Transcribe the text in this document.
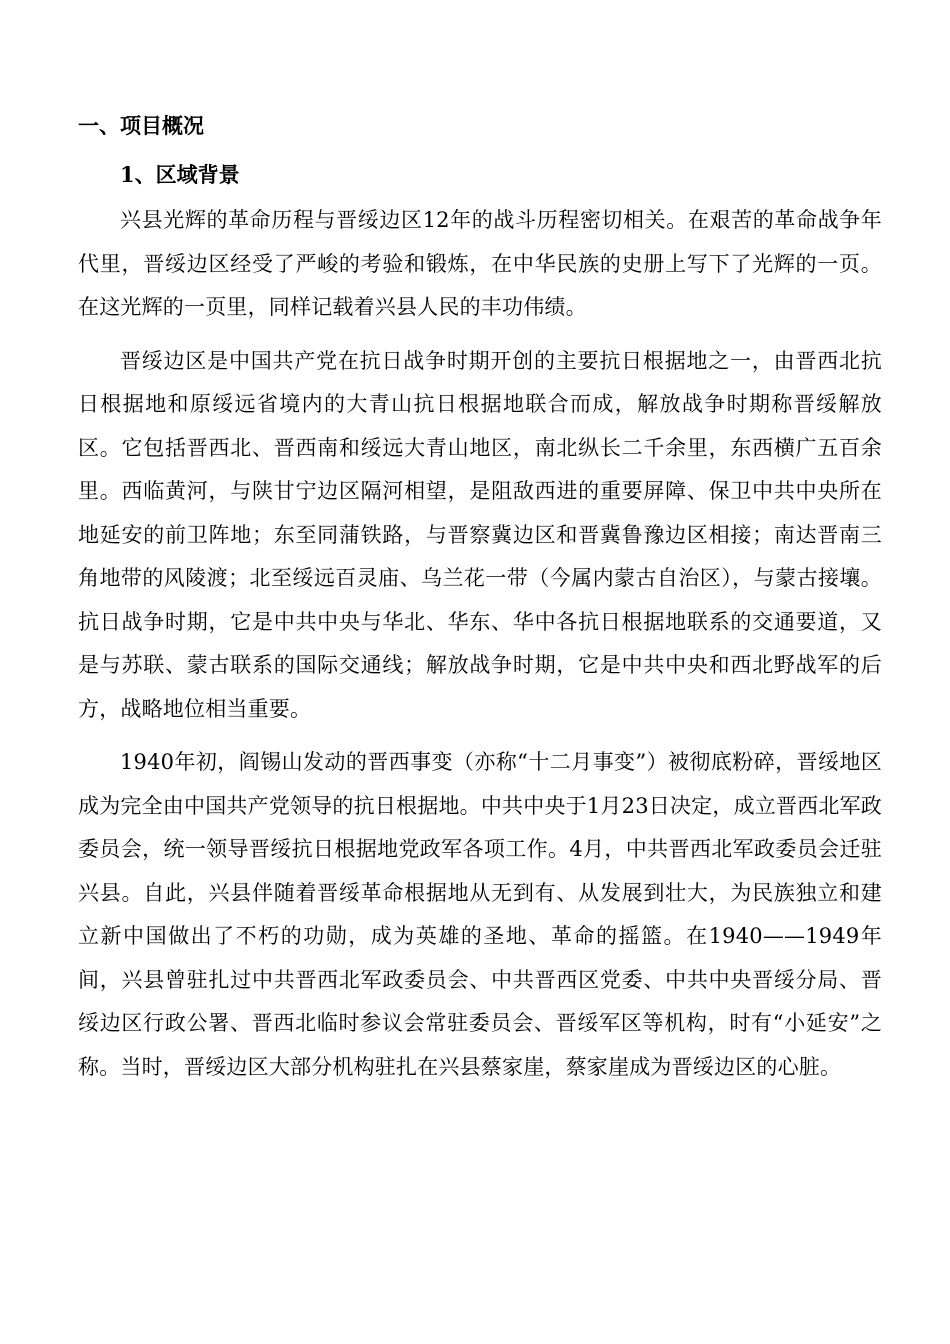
一、项目概况
1、区域背景

兴县光辉的革命历程与晋绥边区12年的战斗历程密切相关。在艰苦的革命战争年代里，晋绥边区经受了严峻的考验和锻炼，在中华民族的史册上写下了光辉的一页。在这光辉的一页里，同样记载着兴县人民的丰功伟绩。

晋绥边区是中国共产党在抗日战争时期开创的主要抗日根据地之一，由晋西北抗日根据地和原绥远省境内的大青山抗日根据地联合而成，解放战争时期称晋绥解放区。它包括晋西北、晋西南和绥远大青山地区，南北纵长二千余里，东西横广五百余里。西临黄河，与陕甘宁边区隔河相望，是阻敌西进的重要屏障、保卫中共中央所在地延安的前卫阵地；东至同蒲铁路，与晋察冀边区和晋冀鲁豫边区相接；南达晋南三角地带的风陵渡；北至绥远百灵庙、乌兰花一带（今属内蒙古自治区），与蒙古接壤。抗日战争时期，它是中共中央与华北、华东、华中各抗日根据地联系的交通要道，又是与苏联、蒙古联系的国际交通线；解放战争时期，它是中共中央和西北野战军的后方，战略地位相当重要。

1940年初，阎锡山发动的晋西事变（亦称“十二月事变”）被彻底粉碎，晋绥地区成为完全由中国共产党领导的抗日根据地。中共中央于1月23日决定，成立晋西北军政委员会，统一领导晋绥抗日根据地党政军各项工作。4月，中共晋西北军政委员会迁驻兴县。自此，兴县伴随着晋绥革命根据地从无到有、从发展到壮大，为民族独立和建立新中国做出了不朽的功勋，成为英雄的圣地、革命的摇篮。在1940——1949年间，兴县曾驻扎过中共晋西北军政委员会、中共晋西区党委、中共中央晋绥分局、晋绥边区行政公署、晋西北临时参议会常驻委员会、晋绥军区等机构，时有“小延安”之称。当时，晋绥边区大部分机构驻扎在兴县蔡家崖，蔡家崖成为晋绥边区的心脏。
